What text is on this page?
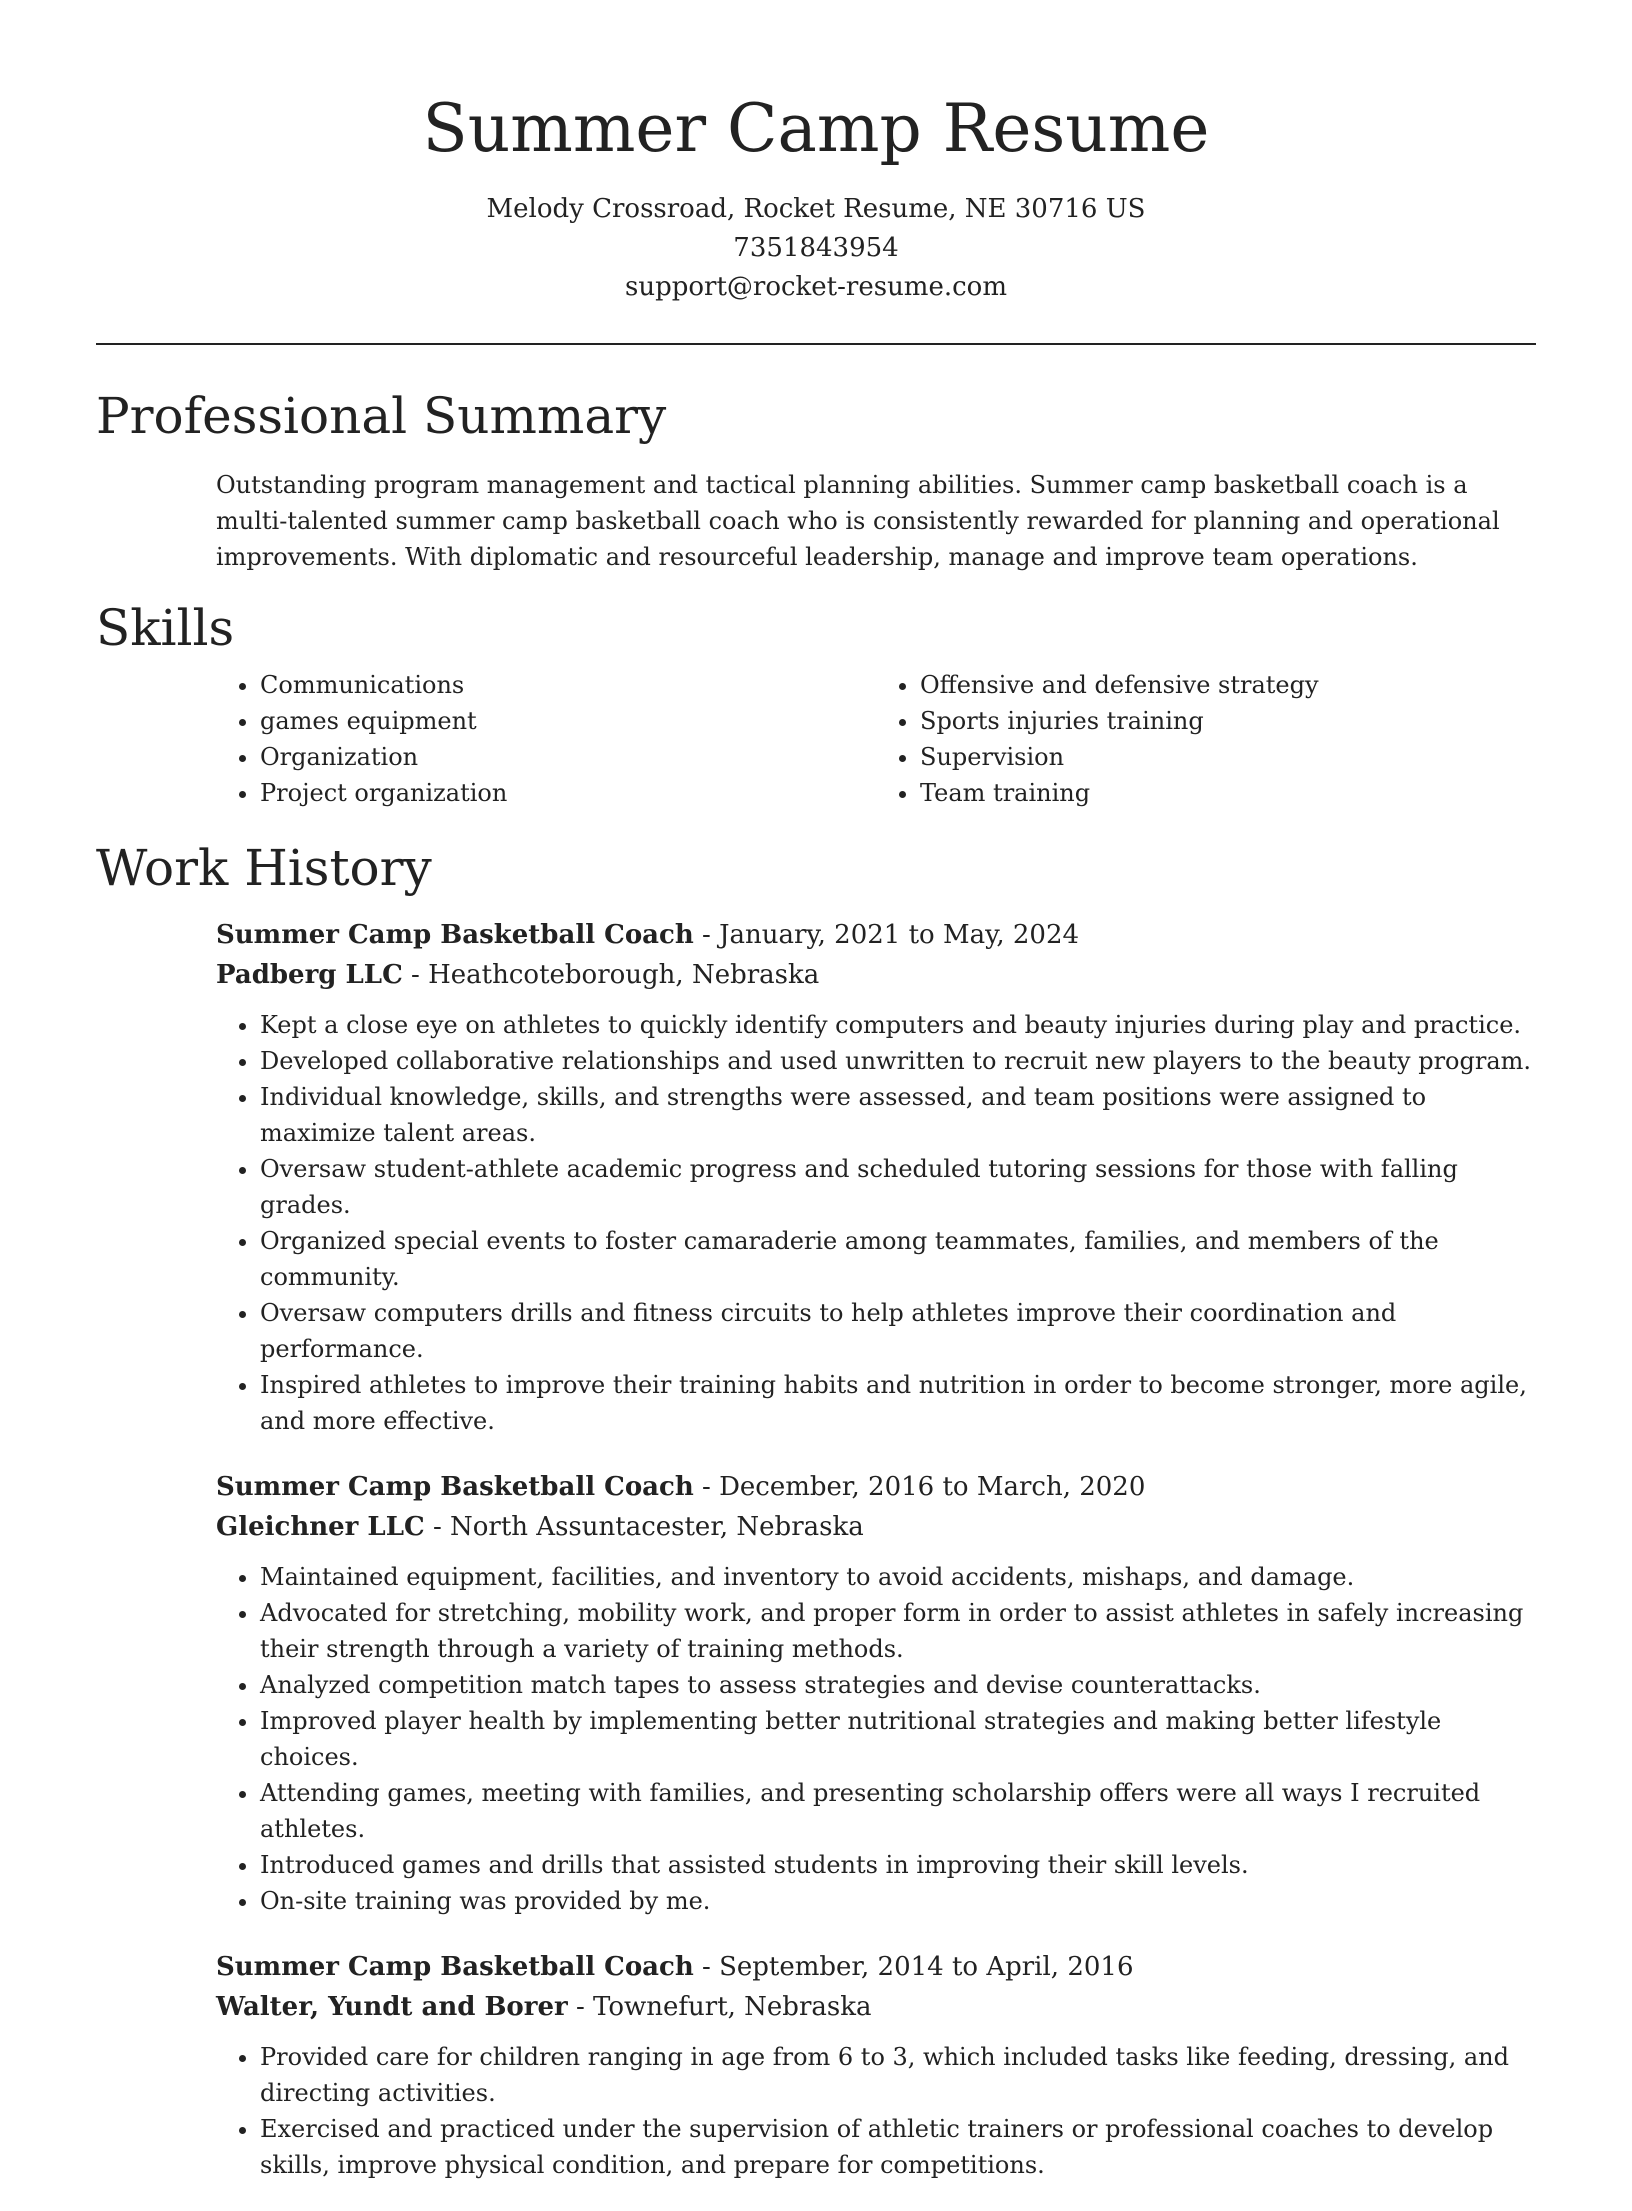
Summer Camp Resume
Melody Crossroad, Rocket Resume, NE 30716 US
7351843954
support@rocket-resume.com
Professional Summary

Outstanding program management and tactical planning abilities. Summer camp basketball coach is a multi-talented summer camp basketball coach who is consistently rewarded for planning and operational improvements. With diplomatic and resourceful leadership, manage and improve team operations.

Skills
• Communications
• games equipment
• Organization
• Project organization
• Offensive and defensive strategy
• Sports injuries training
• Supervision
• Team training
Work History
Summer Camp Basketball Coach - January, 2021 to May, 2024
Padberg LLC - Heathcoteborough, Nebraska
• Kept a close eye on athletes to quickly identify computers and beauty injuries during play and practice.
• Developed collaborative relationships and used unwritten to recruit new players to the beauty program.
• Individual knowledge, skills, and strengths were assessed, and team positions were assigned to maximize talent areas.
• Oversaw student-athlete academic progress and scheduled tutoring sessions for those with falling grades.
• Organized special events to foster camaraderie among teammates, families, and members of the community.
• Oversaw computers drills and fitness circuits to help athletes improve their coordination and performance.
• Inspired athletes to improve their training habits and nutrition in order to become stronger, more agile, and more effective.
Summer Camp Basketball Coach - December, 2016 to March, 2020
Gleichner LLC - North Assuntacester, Nebraska
• Maintained equipment, facilities, and inventory to avoid accidents, mishaps, and damage.
• Advocated for stretching, mobility work, and proper form in order to assist athletes in safely increasing their strength through a variety of training methods.
• Analyzed competition match tapes to assess strategies and devise counterattacks.
• Improved player health by implementing better nutritional strategies and making better lifestyle choices.
• Attending games, meeting with families, and presenting scholarship offers were all ways I recruited athletes.
• Introduced games and drills that assisted students in improving their skill levels.
• On-site training was provided by me.
Summer Camp Basketball Coach - September, 2014 to April, 2016
Walter, Yundt and Borer - Townefurt, Nebraska
• Provided care for children ranging in age from 6 to 3, which included tasks like feeding, dressing, and directing activities.
• Exercised and practiced under the supervision of athletic trainers or professional coaches to develop skills, improve physical condition, and prepare for competitions.
